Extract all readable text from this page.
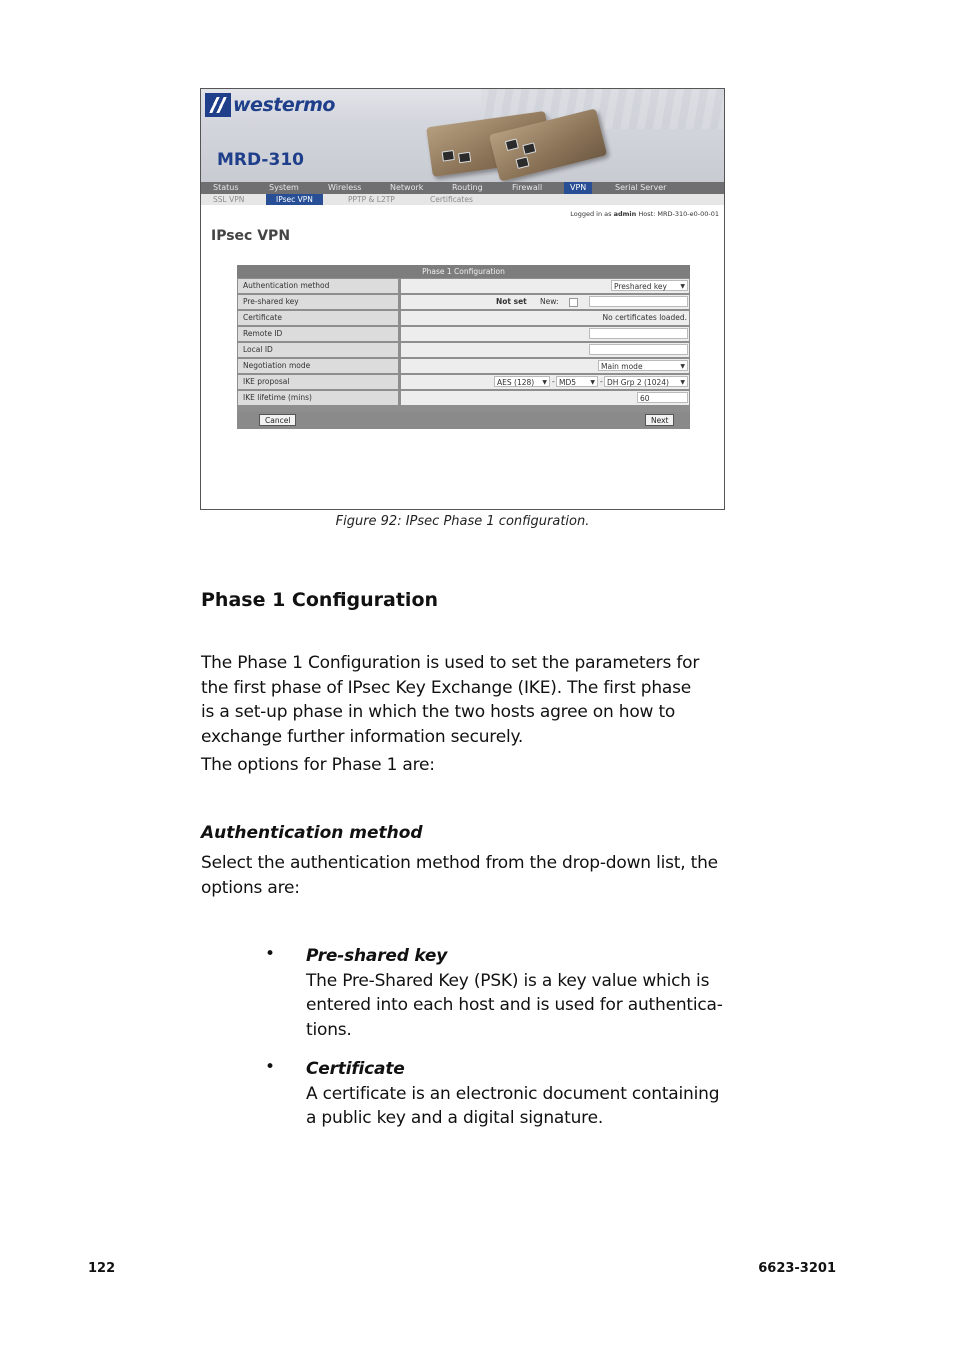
westermo
MRD-310
Status	System	Wireless	Network	Routing	Firewall	VPN	Serial Server
SSL VPN	IPsec VPN	PPTP & L2TP	Certificates
Logged in as admin Host: MRD-310-e0-00-01
IPsec VPN
Phase 1 Configuration
Authentication method	Preshared key ▼
Pre-shared key	Not set New:
Certificate	No certificates loaded.
Remote ID
Local ID
Negotiation mode	Main mode	▼
IKE proposal	AES (128) ▼ - MD5 ▼ - DH Grp 2 (1024) ▼
IKE lifetime (mins)	60
Cancel	Next
Figure 92: IPsec Phase 1 configuration.
Phase 1 Configuration
The Phase 1 Configuration is used to set the parameters for
the first phase of IPsec Key Exchange (IKE). The first phase
is a set-up phase in which the two hosts agree on how to
exchange further information securely.
The options for Phase 1 are:
Authentication method
Select the authentication method from the drop-down list, the
options are:
• Pre-shared key
The Pre-Shared Key (PSK) is a key value which is
entered into each host and is used for authentica-
tions.
• Certificate
A certificate is an electronic document containing
a public key and a digital signature.
122	6623-3201
